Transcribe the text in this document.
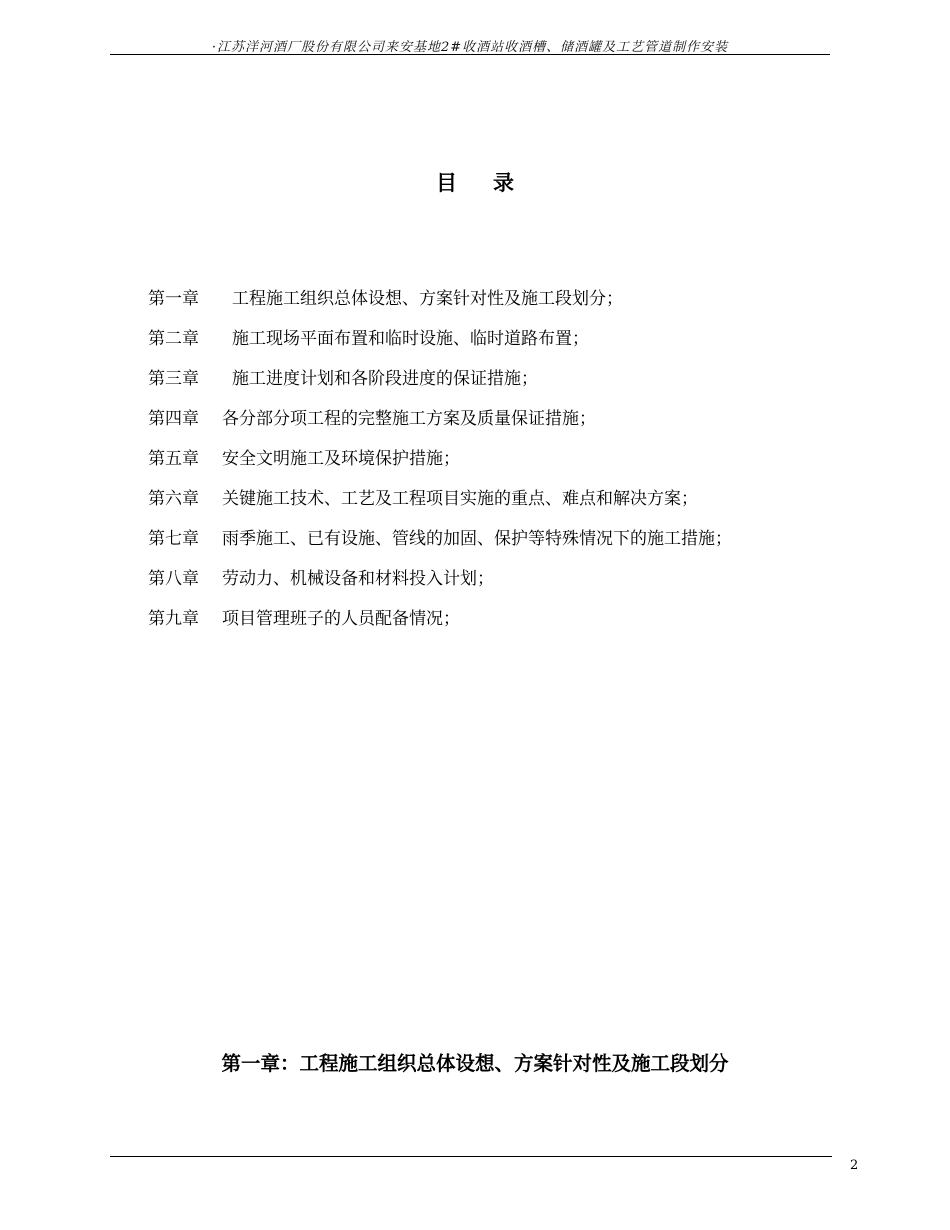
·江苏洋河酒厂股份有限公司来安基地2#收酒站收酒槽、储酒罐及工艺管道制作安装
目录
第一章 工程施工组织总体设想、方案针对性及施工段划分；
第二章 施工现场平面布置和临时设施、临时道路布置；
第三章 施工进度计划和各阶段进度的保证措施；
第四章 各分部分项工程的完整施工方案及质量保证措施；
第五章 安全文明施工及环境保护措施；
第六章 关键施工技术、工艺及工程项目实施的重点、难点和解决方案；
第七章 雨季施工、已有设施、管线的加固、保护等特殊情况下的施工措施；
第八章 劳动力、机械设备和材料投入计划；
第九章 项目管理班子的人员配备情况；
第一章：工程施工组织总体设想、方案针对性及施工段划分
2
